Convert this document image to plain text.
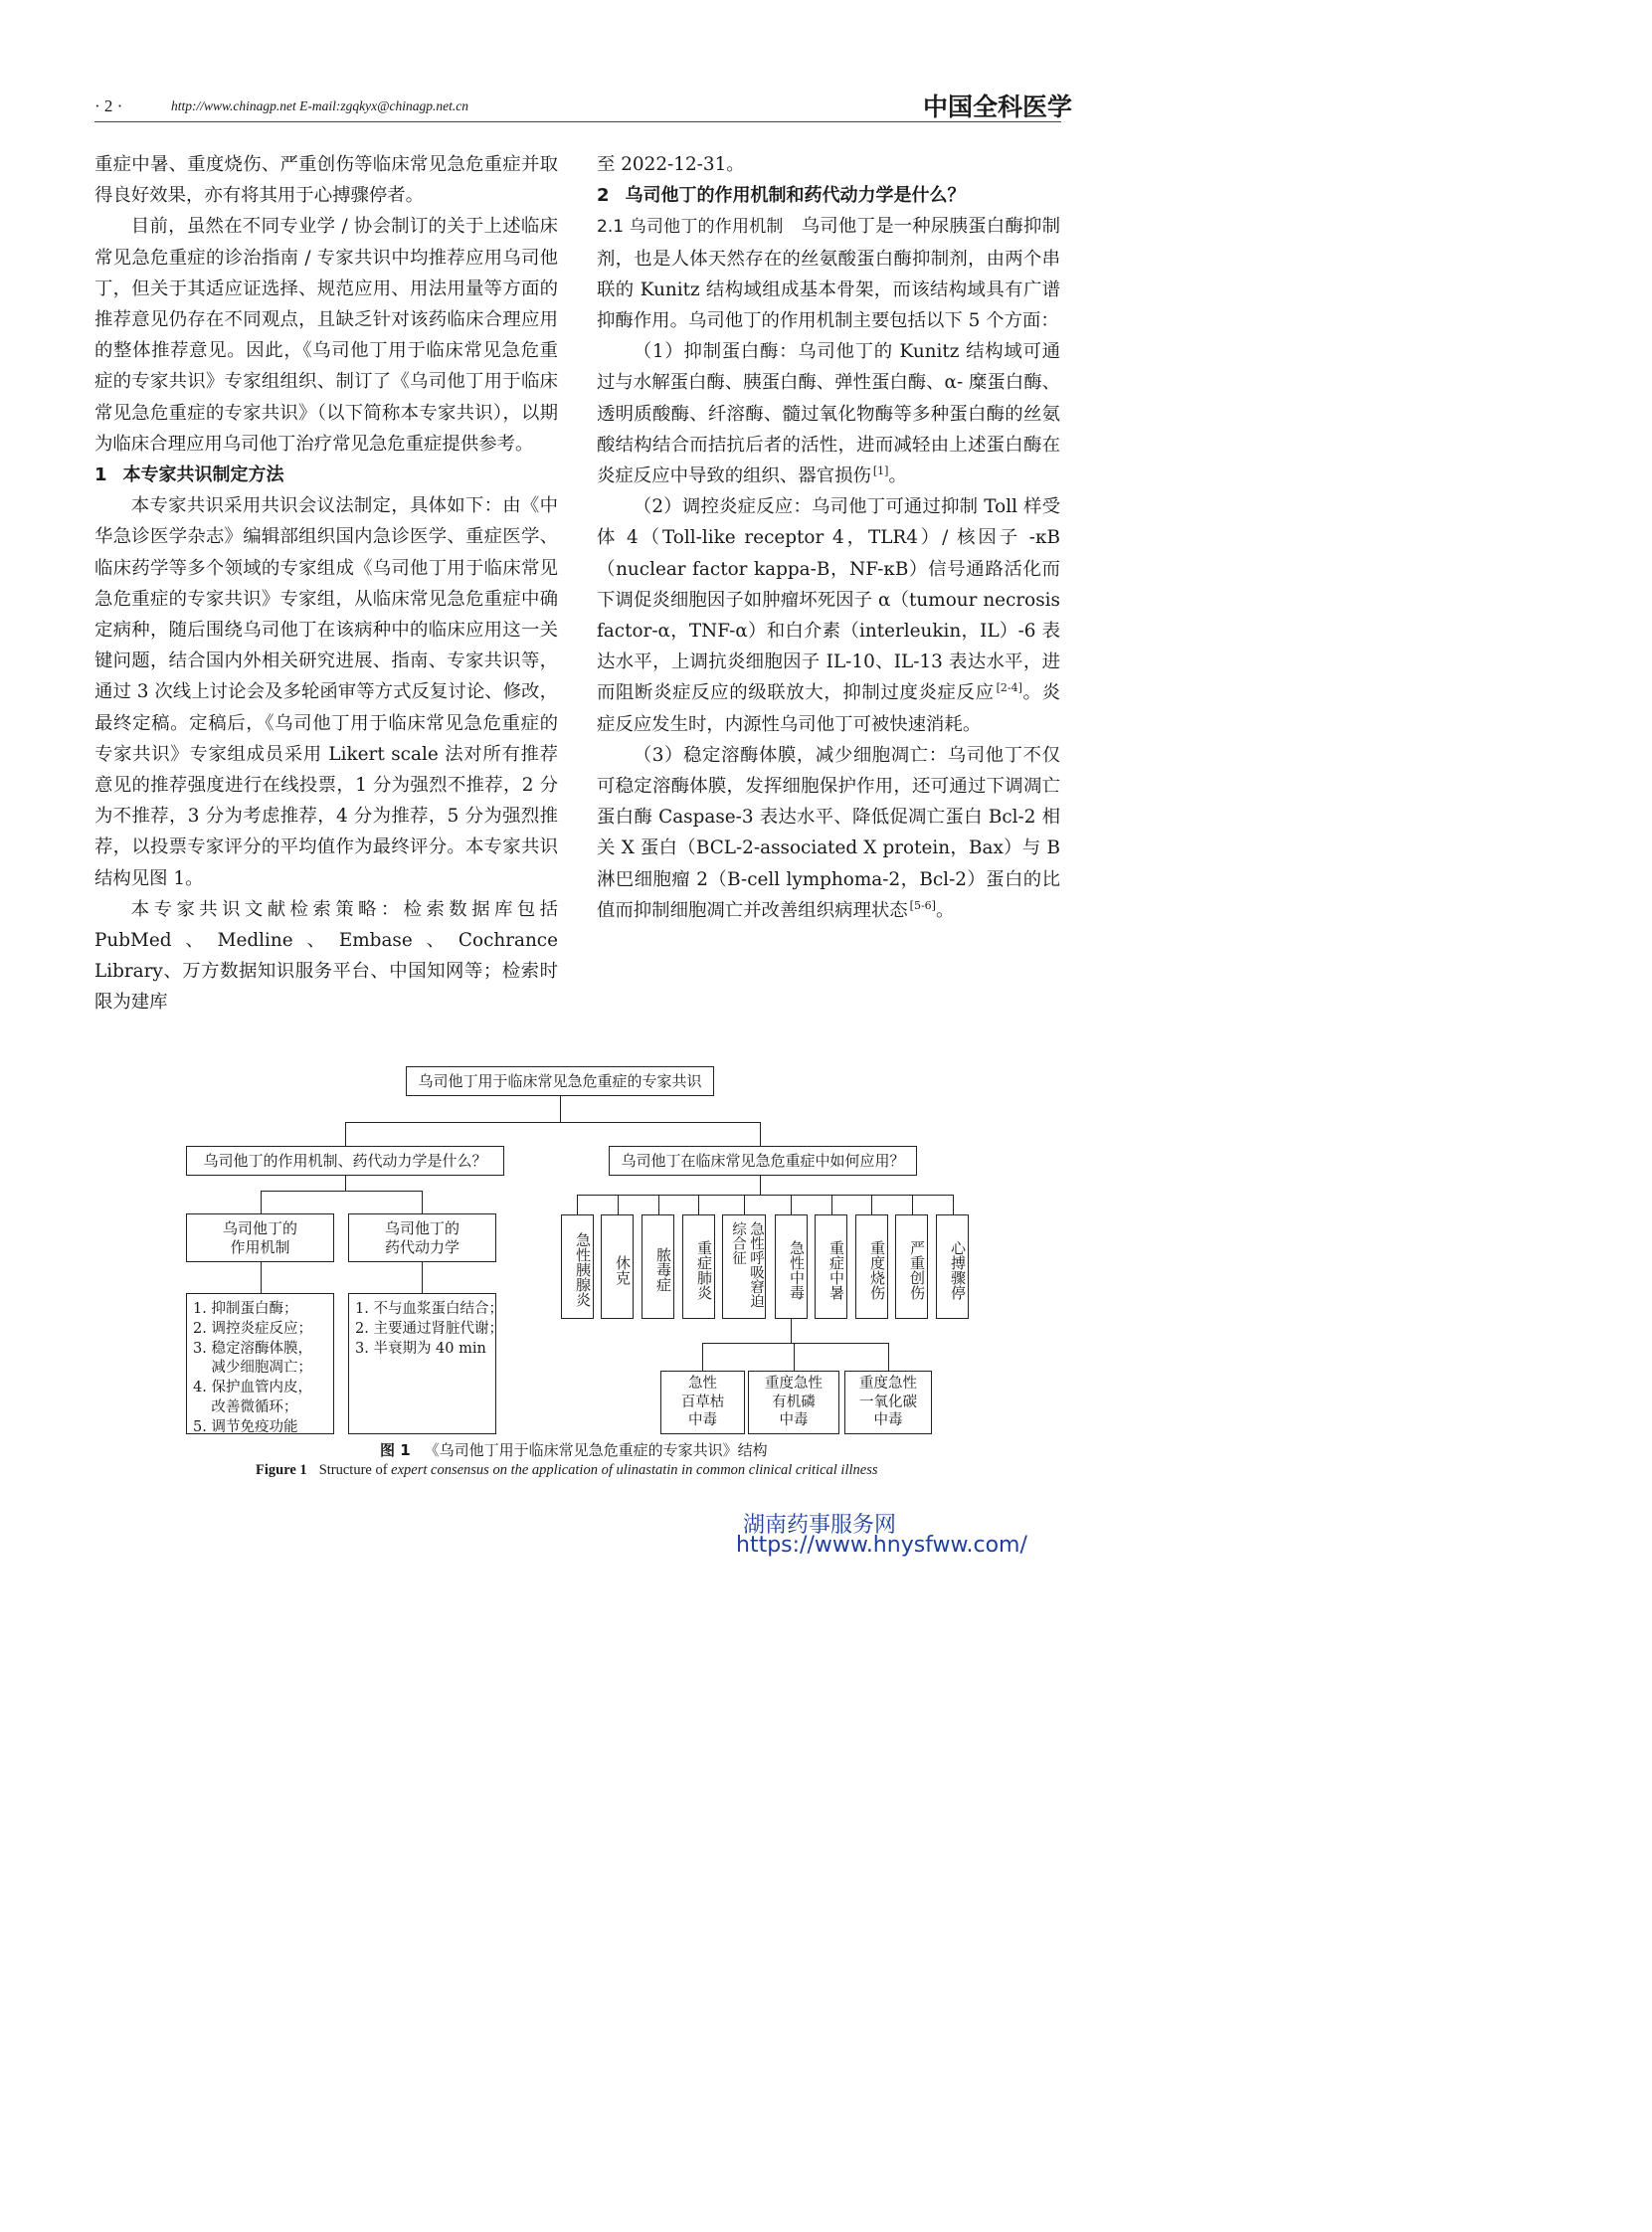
· 2 ·	http://www.chinagp.net E-mail:zgqkyx@chinagp.net.cn	中国全科医学

重症中暑、重度烧伤、严重创伤等临床常见急危重症并取得良好效果，亦有将其用于心搏骤停者。

目前，虽然在不同专业学 / 协会制订的关于上述临床常见急危重症的诊治指南 / 专家共识中均推荐应用乌司他丁，但关于其适应证选择、规范应用、用法用量等方面的推荐意见仍存在不同观点，且缺乏针对该药临床合理应用的整体推荐意见。因此，《乌司他丁用于临床常见急危重症的专家共识》专家组组织、制订了《乌司他丁用于临床常见急危重症的专家共识》（以下简称本专家共识），以期为临床合理应用乌司他丁治疗常见急危重症提供参考。

1 本专家共识制定方法

本专家共识采用共识会议法制定，具体如下：由《中华急诊医学杂志》编辑部组织国内急诊医学、重症医学、临床药学等多个领域的专家组成《乌司他丁用于临床常见急危重症的专家共识》专家组，从临床常见急危重症中确定病种，随后围绕乌司他丁在该病种中的临床应用这一关键问题，结合国内外相关研究进展、指南、专家共识等，通过 3 次线上讨论会及多轮函审等方式反复讨论、修改，最终定稿。定稿后，《乌司他丁用于临床常见急危重症的专家共识》专家组成员采用 Likert scale 法对所有推荐意见的推荐强度进行在线投票，1 分为强烈不推荐，2 分为不推荐，3 分为考虑推荐，4 分为推荐，5 分为强烈推荐，以投票专家评分的平均值作为最终评分。本专家共识结构见图 1。

本专家共识文献检索策略：检索数据库包括 PubMed、Medline、Embase、Cochrance Library、万方数据知识服务平台、中国知网等；检索时限为建库

至 2022-12-31。

2 乌司他丁的作用机制和药代动力学是什么？

2.1 乌司他丁的作用机制 乌司他丁是一种尿胰蛋白酶抑制剂，也是人体天然存在的丝氨酸蛋白酶抑制剂，由两个串联的 Kunitz 结构域组成基本骨架，而该结构域具有广谱抑酶作用。乌司他丁的作用机制主要包括以下 5 个方面：

（1）抑制蛋白酶：乌司他丁的 Kunitz 结构域可通过与水解蛋白酶、胰蛋白酶、弹性蛋白酶、α- 糜蛋白酶、透明质酸酶、纤溶酶、髓过氧化物酶等多种蛋白酶的丝氨酸结构结合而拮抗后者的活性，进而减轻由上述蛋白酶在炎症反应中导致的组织、器官损伤 [1]。

（2）调控炎症反应：乌司他丁可通过抑制 Toll 样受体 4（Toll-like receptor 4，TLR4）/ 核因子 -κB（nuclear factor kappa-B，NF-κB）信号通路活化而下调促炎细胞因子如肿瘤坏死因子 α（tumour necrosis factor-α，TNF-α）和白介素（interleukin，IL）-6 表达水平，上调抗炎细胞因子 IL-10、IL-13 表达水平，进而阻断炎症反应的级联放大，抑制过度炎症反应 [2-4]。炎症反应发生时，内源性乌司他丁可被快速消耗。

（3）稳定溶酶体膜，减少细胞凋亡：乌司他丁不仅可稳定溶酶体膜，发挥细胞保护作用，还可通过下调凋亡蛋白酶 Caspase-3 表达水平、降低促凋亡蛋白 Bcl-2 相关 X 蛋白（BCL-2-associated X protein，Bax）与 B 淋巴细胞瘤 2（B-cell lymphoma-2，Bcl-2）蛋白的比值而抑制细胞凋亡并改善组织病理状态 [5-6]。

乌司他丁用于临床常见急危重症的专家共识
乌司他丁的作用机制、药代动力学是什么？	乌司他丁在临床常见急危重症中如何应用？
乌司他丁的
作用机制
乌司他丁的
药代动力学
1. 抑制蛋白酶；
2. 调控炎症反应；
3. 稳定溶酶体膜，
减少细胞凋亡；
4. 保护血管内皮，
改善微循环；
5. 调节免疫功能
1. 不与血浆蛋白结合；
2. 主要通过肾脏代谢；
3. 半衰期为 40 min
急性胰腺炎	休克	脓毒症	重症肺炎	急性呼吸窘迫综合征	急性中毒	重症中暑	重度烧伤	严重创伤	心搏骤停
急性
百草枯
中毒
重度急性
有机磷
中毒
重度急性
一氧化碳
中毒
图 1 《乌司他丁用于临床常见急危重症的专家共识》结构
Figure 1 Structure of expert consensus on the application of ulinastatin in common clinical critical illness
湖南药事服务网
https://www.hnysfww.com/
